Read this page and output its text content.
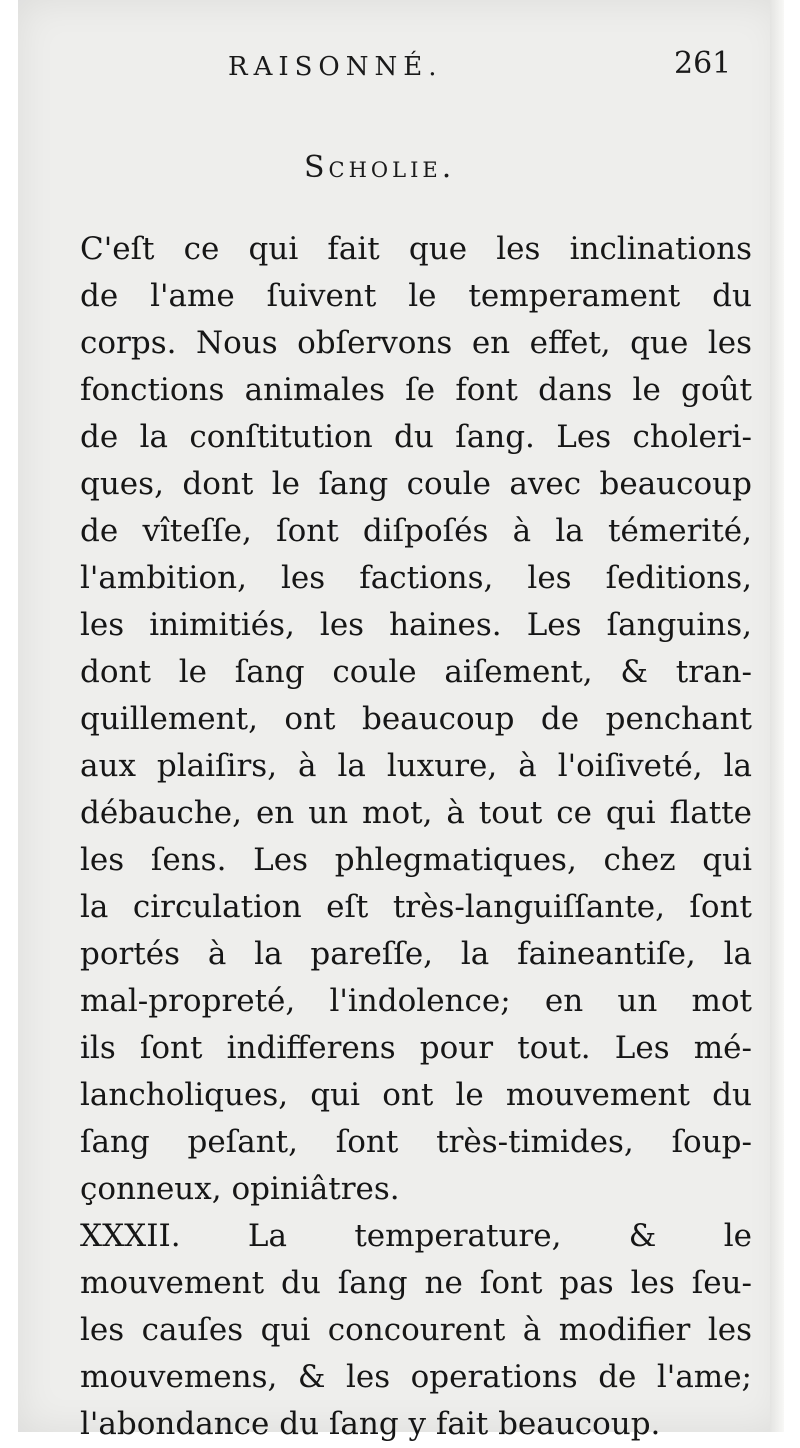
RAISONNÉ.	261
Scholie.
C'eſt ce qui fait que les inclinations
de l'ame ſuivent le temperament du
corps. Nous obſervons en effet, que les
fonctions animales ſe font dans le goût
de la conſtitution du ſang. Les choleri-
ques, dont le ſang coule avec beaucoup
de vîteſſe, ſont diſpoſés à la témerité,
l'ambition, les factions, les ſeditions,
les inimitiés, les haines. Les ſanguins,
dont le ſang coule aiſement, & tran-
quillement, ont beaucoup de penchant
aux plaiſirs, à la luxure, à l'oiſiveté, la
débauche, en un mot, à tout ce qui flatte
les ſens. Les phlegmatiques, chez qui
la circulation eſt très-languiſſante, ſont
portés à la pareſſe, la faineantiſe, la
mal-propreté, l'indolence; en un mot
ils ſont indifferens pour tout. Les mé-
lancholiques, qui ont le mouvement du
ſang peſant, ſont très-timides, ſoup-
çonneux, opiniâtres.
XXXII. La temperature, & le
mouvement du ſang ne ſont pas les ſeu-
les cauſes qui concourent à modifier les
mouvemens, & les operations de l'ame;
l'abondance du ſang y fait beaucoup.
